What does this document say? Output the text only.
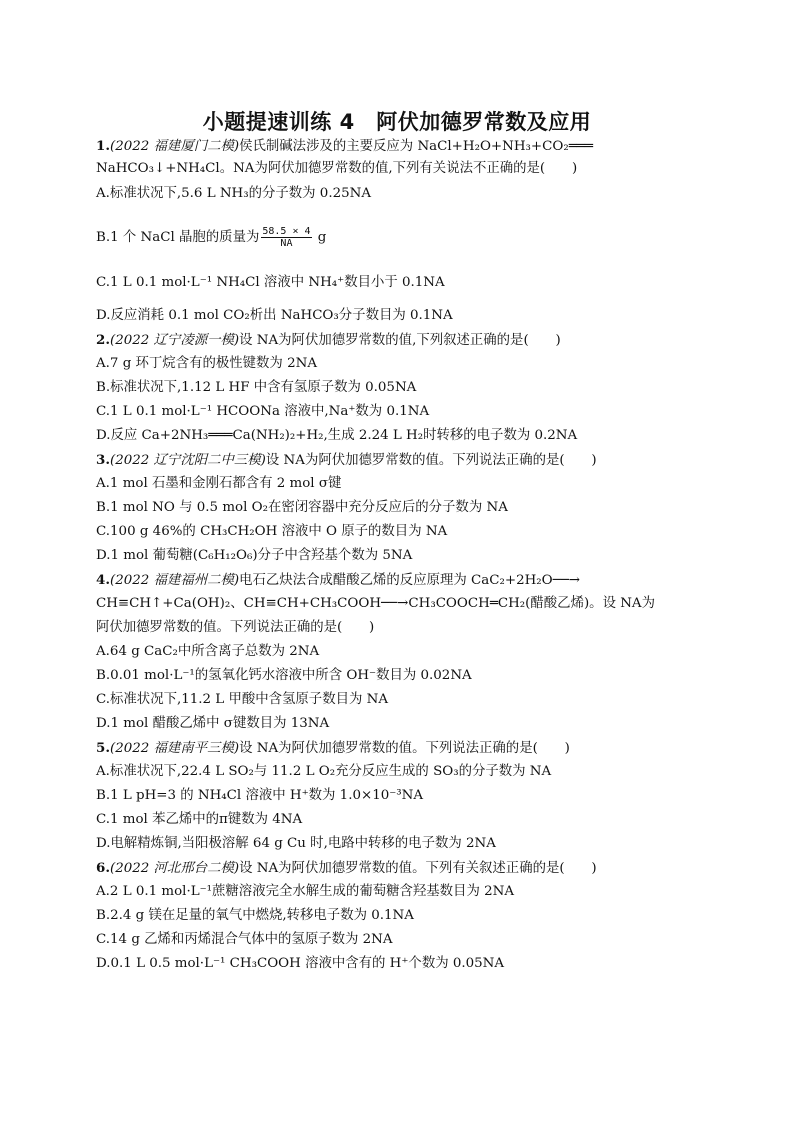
小题提速训练 4　阿伏加德罗常数及应用
1.(2022 福建厦门二模)侯氏制碱法涉及的主要反应为 NaCl+H₂O+NH₃+CO₂═══
NaHCO₃↓+NH₄Cl。NA为阿伏加德罗常数的值,下列有关说法不正确的是(　　)
A.标准状况下,5.6 L NH₃的分子数为 0.25NA
B.1 个 NaCl 晶胞的质量为 $\frac{58.5 \times 4}{NA}$ g
C.1 L 0.1 mol·L⁻¹ NH₄Cl 溶液中 NH₄⁺数目小于 0.1NA
D.反应消耗 0.1 mol CO₂析出 NaHCO₃分子数目为 0.1NA
2.(2022 辽宁凌源一模)设 NA为阿伏加德罗常数的值,下列叙述正确的是(　　)
A.7 g 环丁烷含有的极性键数为 2NA
B.标准状况下,1.12 L HF 中含有氢原子数为 0.05NA
C.1 L 0.1 mol·L⁻¹ HCOONa 溶液中,Na⁺数为 0.1NA
D.反应 Ca+2NH₃═══Ca(NH₂)₂+H₂,生成 2.24 L H₂时转移的电子数为 0.2NA
3.(2022 辽宁沈阳二中三模)设 NA为阿伏加德罗常数的值。下列说法正确的是(　　)
A.1 mol 石墨和金刚石都含有 2 mol σ键
B.1 mol NO 与 0.5 mol O₂在密闭容器中充分反应后的分子数为 NA
C.100 g 46%的 CH₃CH₂OH 溶液中 O 原子的数目为 NA
D.1 mol 葡萄糖(C₆H₁₂O₆)分子中含羟基个数为 5NA
4.(2022 福建福州二模)电石乙炔法合成醋酸乙烯的反应原理为 CaC₂+2H₂O──→
CH≡CH↑+Ca(OH)₂、CH≡CH+CH₃COOH──→CH₃COOCH═CH₂(醋酸乙烯)。设 NA为
阿伏加德罗常数的值。下列说法正确的是(　　)
A.64 g CaC₂中所含离子总数为 2NA
B.0.01 mol·L⁻¹的氢氧化钙水溶液中所含 OH⁻数目为 0.02NA
C.标准状况下,11.2 L 甲酸中含氢原子数目为 NA
D.1 mol 醋酸乙烯中 σ键数目为 13NA
5.(2022 福建南平三模)设 NA为阿伏加德罗常数的值。下列说法正确的是(　　)
A.标准状况下,22.4 L SO₂与 11.2 L O₂充分反应生成的 SO₃的分子数为 NA
B.1 L pH=3 的 NH₄Cl 溶液中 H⁺数为 1.0×10⁻³NA
C.1 mol 苯乙烯中的π键数为 4NA
D.电解精炼铜,当阳极溶解 64 g Cu 时,电路中转移的电子数为 2NA
6.(2022 河北邢台二模)设 NA为阿伏加德罗常数的值。下列有关叙述正确的是(　　)
A.2 L 0.1 mol·L⁻¹蔗糖溶液完全水解生成的葡萄糖含羟基数目为 2NA
B.2.4 g 镁在足量的氧气中燃烧,转移电子数为 0.1NA
C.14 g 乙烯和丙烯混合气体中的氢原子数为 2NA
D.0.1 L 0.5 mol·L⁻¹ CH₃COOH 溶液中含有的 H⁺个数为 0.05NA
